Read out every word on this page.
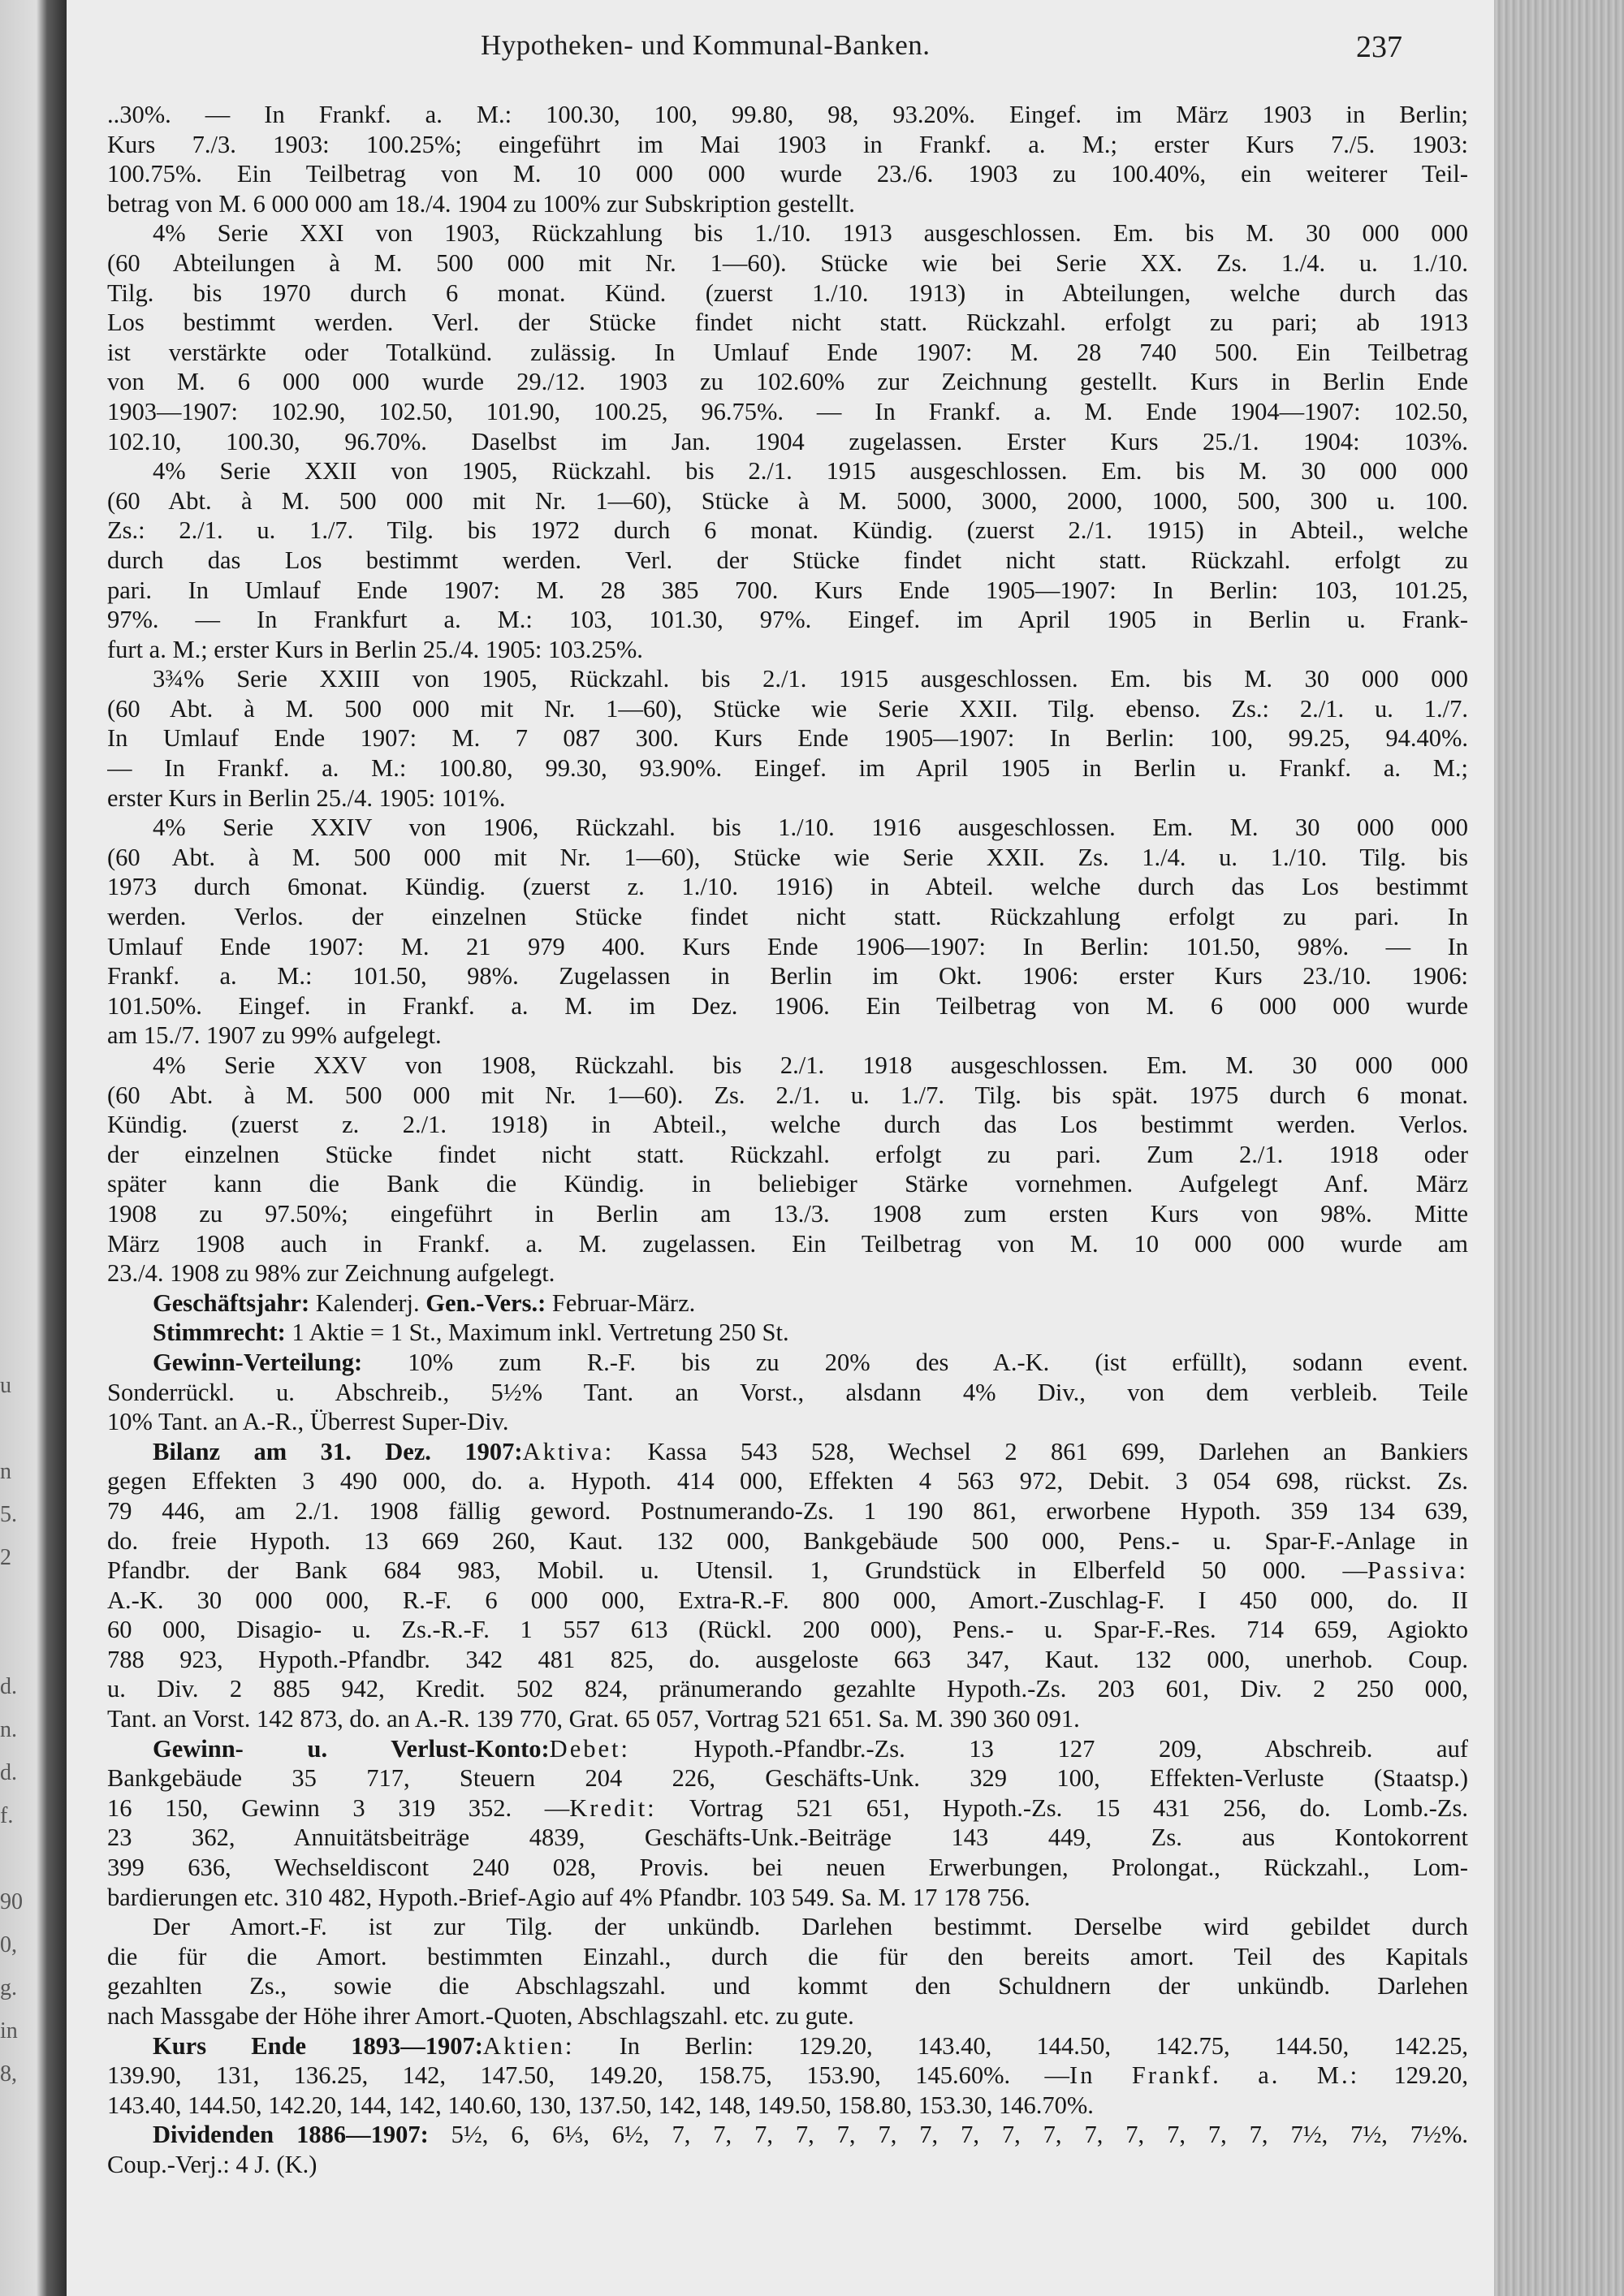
u
n
5.
2
d.
n.
d.
f.
90
0,
g.
in
8,
Hypotheken- und Kommunal-Banken.	237
..30%. — In Frankf. a. M.: 100.30, 100, 99.80, 98, 93.20%. Eingef. im März 1903 in Berlin;
Kurs 7./3. 1903: 100.25%; eingeführt im Mai 1903 in Frankf. a. M.; erster Kurs 7./5. 1903:
100.75%. Ein Teilbetrag von M. 10 000 000 wurde 23./6. 1903 zu 100.40%, ein weiterer Teil-
betrag von M. 6 000 000 am 18./4. 1904 zu 100% zur Subskription gestellt.
4% Serie XXI von 1903, Rückzahlung bis 1./10. 1913 ausgeschlossen. Em. bis M. 30 000 000
(60 Abteilungen à M. 500 000 mit Nr. 1—60). Stücke wie bei Serie XX. Zs. 1./4. u. 1./10.
Tilg. bis 1970 durch 6 monat. Künd. (zuerst 1./10. 1913) in Abteilungen, welche durch das
Los bestimmt werden. Verl. der Stücke findet nicht statt. Rückzahl. erfolgt zu pari; ab 1913
ist verstärkte oder Totalkünd. zulässig. In Umlauf Ende 1907: M. 28 740 500. Ein Teilbetrag
von M. 6 000 000 wurde 29./12. 1903 zu 102.60% zur Zeichnung gestellt. Kurs in Berlin Ende
1903—1907: 102.90, 102.50, 101.90, 100.25, 96.75%. — In Frankf. a. M. Ende 1904—1907: 102.50,
102.10, 100.30, 96.70%. Daselbst im Jan. 1904 zugelassen. Erster Kurs 25./1. 1904: 103%.
4% Serie XXII von 1905, Rückzahl. bis 2./1. 1915 ausgeschlossen. Em. bis M. 30 000 000
(60 Abt. à M. 500 000 mit Nr. 1—60), Stücke à M. 5000, 3000, 2000, 1000, 500, 300 u. 100.
Zs.: 2./1. u. 1./7. Tilg. bis 1972 durch 6 monat. Kündig. (zuerst 2./1. 1915) in Abteil., welche
durch das Los bestimmt werden. Verl. der Stücke findet nicht statt. Rückzahl. erfolgt zu
pari. In Umlauf Ende 1907: M. 28 385 700. Kurs Ende 1905—1907: In Berlin: 103, 101.25,
97%. — In Frankfurt a. M.: 103, 101.30, 97%. Eingef. im April 1905 in Berlin u. Frank-
furt a. M.; erster Kurs in Berlin 25./4. 1905: 103.25%.
3¾% Serie XXIII von 1905, Rückzahl. bis 2./1. 1915 ausgeschlossen. Em. bis M. 30 000 000
(60 Abt. à M. 500 000 mit Nr. 1—60), Stücke wie Serie XXII. Tilg. ebenso. Zs.: 2./1. u. 1./7.
In Umlauf Ende 1907: M. 7 087 300. Kurs Ende 1905—1907: In Berlin: 100, 99.25, 94.40%.
— In Frankf. a. M.: 100.80, 99.30, 93.90%. Eingef. im April 1905 in Berlin u. Frankf. a. M.;
erster Kurs in Berlin 25./4. 1905: 101%.
4% Serie XXIV von 1906, Rückzahl. bis 1./10. 1916 ausgeschlossen. Em. M. 30 000 000
(60 Abt. à M. 500 000 mit Nr. 1—60), Stücke wie Serie XXII. Zs. 1./4. u. 1./10. Tilg. bis
1973 durch 6monat. Kündig. (zuerst z. 1./10. 1916) in Abteil. welche durch das Los bestimmt
werden. Verlos. der einzelnen Stücke findet nicht statt. Rückzahlung erfolgt zu pari. In
Umlauf Ende 1907: M. 21 979 400. Kurs Ende 1906—1907: In Berlin: 101.50, 98%. — In
Frankf. a. M.: 101.50, 98%. Zugelassen in Berlin im Okt. 1906: erster Kurs 23./10. 1906:
101.50%. Eingef. in Frankf. a. M. im Dez. 1906. Ein Teilbetrag von M. 6 000 000 wurde
am 15./7. 1907 zu 99% aufgelegt.
4% Serie XXV von 1908, Rückzahl. bis 2./1. 1918 ausgeschlossen. Em. M. 30 000 000
(60 Abt. à M. 500 000 mit Nr. 1—60). Zs. 2./1. u. 1./7. Tilg. bis spät. 1975 durch 6 monat.
Kündig. (zuerst z. 2./1. 1918) in Abteil., welche durch das Los bestimmt werden. Verlos.
der einzelnen Stücke findet nicht statt. Rückzahl. erfolgt zu pari. Zum 2./1. 1918 oder
später kann die Bank die Kündig. in beliebiger Stärke vornehmen. Aufgelegt Anf. März
1908 zu 97.50%; eingeführt in Berlin am 13./3. 1908 zum ersten Kurs von 98%. Mitte
März 1908 auch in Frankf. a. M. zugelassen. Ein Teilbetrag von M. 10 000 000 wurde am
23./4. 1908 zu 98% zur Zeichnung aufgelegt.
Geschäftsjahr: Kalenderj. Gen.-Vers.: Februar-März.
Stimmrecht: 1 Aktie = 1 St., Maximum inkl. Vertretung 250 St.
Gewinn-Verteilung: 10% zum R.-F. bis zu 20% des A.-K. (ist erfüllt), sodann event.
Sonderrückl. u. Abschreib., 5½% Tant. an Vorst., alsdann 4% Div., von dem verbleib. Teile
10% Tant. an A.-R., Überrest Super-Div.
Bilanz am 31. Dez. 1907:Aktiva: Kassa 543 528, Wechsel 2 861 699, Darlehen an Bankiers
gegen Effekten 3 490 000, do. a. Hypoth. 414 000, Effekten 4 563 972, Debit. 3 054 698, rückst. Zs.
79 446, am 2./1. 1908 fällig geword. Postnumerando-Zs. 1 190 861, erworbene Hypoth. 359 134 639,
do. freie Hypoth. 13 669 260, Kaut. 132 000, Bankgebäude 500 000, Pens.- u. Spar-F.-Anlage in
Pfandbr. der Bank 684 983, Mobil. u. Utensil. 1, Grundstück in Elberfeld 50 000. —Passiva:
A.-K. 30 000 000, R.-F. 6 000 000, Extra-R.-F. 800 000, Amort.-Zuschlag-F. I 450 000, do. II
60 000, Disagio- u. Zs.-R.-F. 1 557 613 (Rückl. 200 000), Pens.- u. Spar-F.-Res. 714 659, Agiokto
788 923, Hypoth.-Pfandbr. 342 481 825, do. ausgeloste 663 347, Kaut. 132 000, unerhob. Coup.
u. Div. 2 885 942, Kredit. 502 824, pränumerando gezahlte Hypoth.-Zs. 203 601, Div. 2 250 000,
Tant. an Vorst. 142 873, do. an A.-R. 139 770, Grat. 65 057, Vortrag 521 651. Sa. M. 390 360 091.
Gewinn- u. Verlust-Konto:Debet: Hypoth.-Pfandbr.-Zs. 13 127 209, Abschreib. auf
Bankgebäude 35 717, Steuern 204 226, Geschäfts-Unk. 329 100, Effekten-Verluste (Staatsp.)
16 150, Gewinn 3 319 352. —Kredit: Vortrag 521 651, Hypoth.-Zs. 15 431 256, do. Lomb.-Zs.
23 362, Annuitätsbeiträge 4839, Geschäfts-Unk.-Beiträge 143 449, Zs. aus Kontokorrent
399 636, Wechseldiscont 240 028, Provis. bei neuen Erwerbungen, Prolongat., Rückzahl., Lom-
bardierungen etc. 310 482, Hypoth.-Brief-Agio auf 4% Pfandbr. 103 549. Sa. M. 17 178 756.
Der Amort.-F. ist zur Tilg. der unkündb. Darlehen bestimmt. Derselbe wird gebildet durch
die für die Amort. bestimmten Einzahl., durch die für den bereits amort. Teil des Kapitals
gezahlten Zs., sowie die Abschlagszahl. und kommt den Schuldnern der unkündb. Darlehen
nach Massgabe der Höhe ihrer Amort.-Quoten, Abschlagszahl. etc. zu gute.
Kurs Ende 1893—1907:Aktien: In Berlin: 129.20, 143.40, 144.50, 142.75, 144.50, 142.25,
139.90, 131, 136.25, 142, 147.50, 149.20, 158.75, 153.90, 145.60%. —In Frankf. a. M.: 129.20,
143.40, 144.50, 142.20, 144, 142, 140.60, 130, 137.50, 142, 148, 149.50, 158.80, 153.30, 146.70%.
Dividenden 1886—1907: 5½, 6, 6⅓, 6½, 7, 7, 7, 7, 7, 7, 7, 7, 7, 7, 7, 7, 7, 7, 7, 7½, 7½, 7½%.
Coup.-Verj.: 4 J. (K.)
